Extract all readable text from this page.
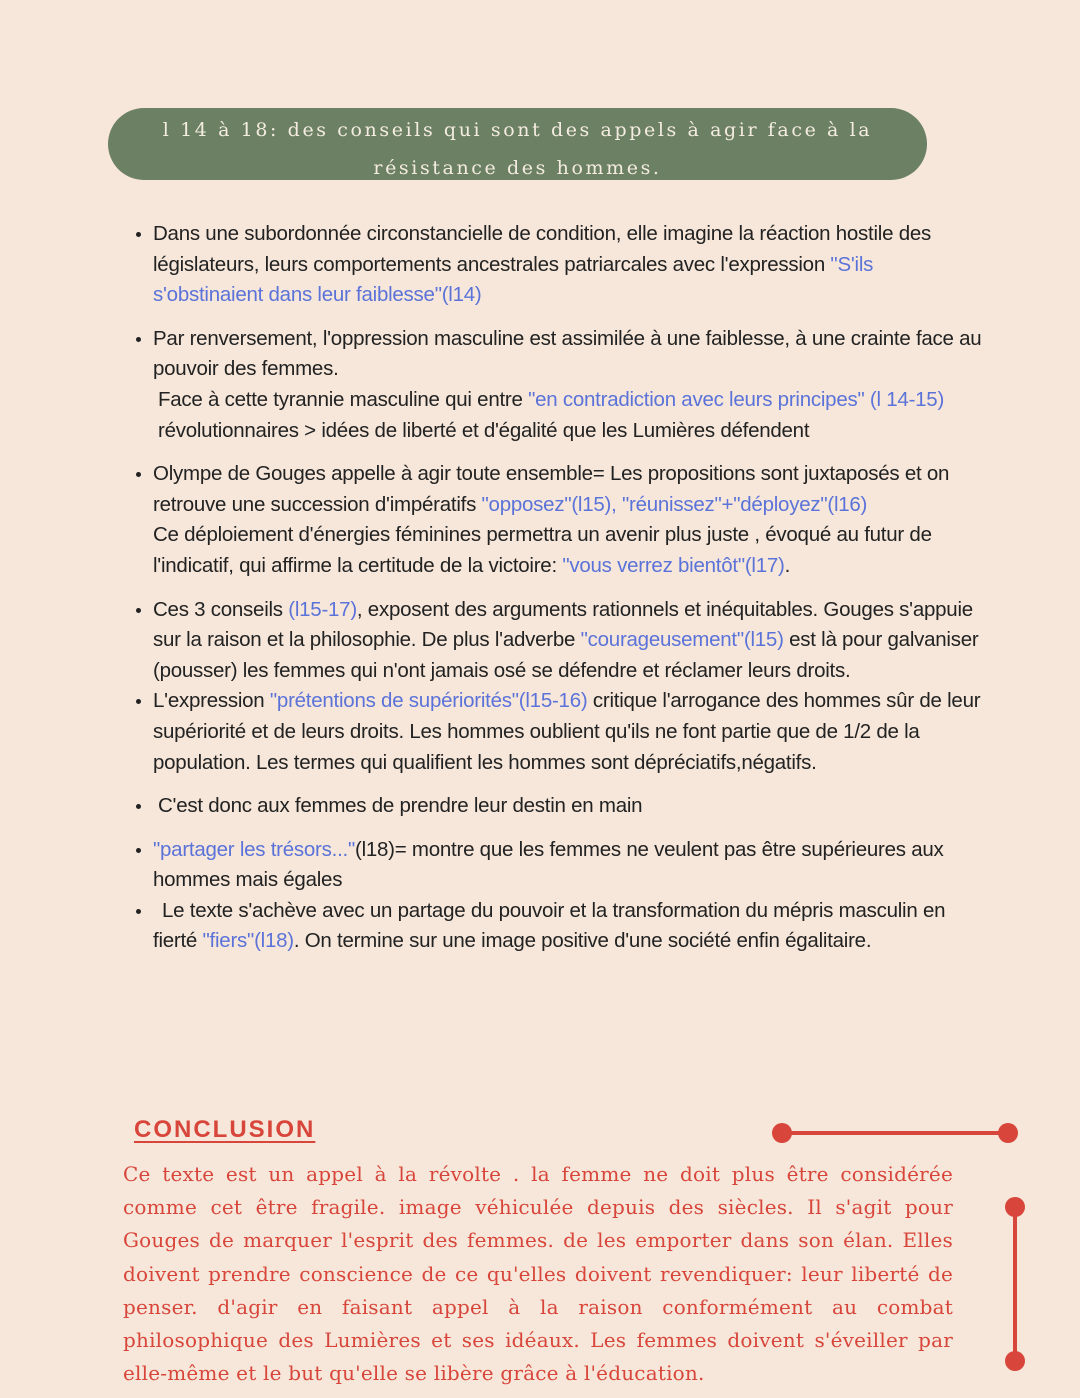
l 14 à 18: des conseils qui sont des appels à agir face à la
résistance des hommes.
Dans une subordonnée circonstancielle de condition, elle imagine la réaction hostile des législateurs, leurs comportements ancestrales patriarcales avec l'expression "S'ils s'obstinaient dans leur faiblesse"(l14)
Par renversement, l'oppression masculine est assimilée à une faiblesse, à une crainte face au pouvoir des femmes.
Face à cette tyrannie masculine qui entre "en contradiction avec leurs principes" (l 14-15) révolutionnaires > idées de liberté et d'égalité que les Lumières défendent
Olympe de Gouges appelle à agir toute ensemble= Les propositions sont juxtaposés et on retrouve une succession d'impératifs "opposez"(l15), "réunissez"+"déployez"(l16)
Ce déploiement d'énergies féminines permettra un avenir plus juste , évoqué au futur de l'indicatif, qui affirme la certitude de la victoire: "vous verrez bientôt"(l17).
Ces 3 conseils (l15-17), exposent des arguments rationnels et inéquitables. Gouges s'appuie sur la raison et la philosophie. De plus l'adverbe "courageusement"(l15) est là pour galvaniser (pousser) les femmes qui n'ont jamais osé se défendre et réclamer leurs droits.
L'expression "prétentions de supériorités"(l15-16) critique l'arrogance des hommes sûr de leur supériorité et de leurs droits. Les hommes oublient qu'ils ne font partie que de 1/2 de la population. Les termes qui qualifient les hommes sont dépréciatifs,négatifs.
C'est donc aux femmes de prendre leur destin en main
"partager les trésors..."(l18)= montre que les femmes ne veulent pas être supérieures aux hommes mais égales
Le texte s'achève avec un partage du pouvoir et la transformation du mépris masculin en fierté "fiers"(l18). On termine sur une image positive d'une société enfin égalitaire.
CONCLUSION
Ce texte est un appel à la révolte . la femme ne doit plus être considérée comme cet être fragile. image véhiculée depuis des siècles. Il s'agit pour Gouges de marquer l'esprit des femmes. de les emporter dans son élan. Elles doivent prendre conscience de ce qu'elles doivent revendiquer: leur liberté de penser. d'agir en faisant appel à la raison conformément au combat philosophique des Lumières et ses idéaux. Les femmes doivent s'éveiller par elle-même et le but qu'elle se libère grâce à l'éducation.
